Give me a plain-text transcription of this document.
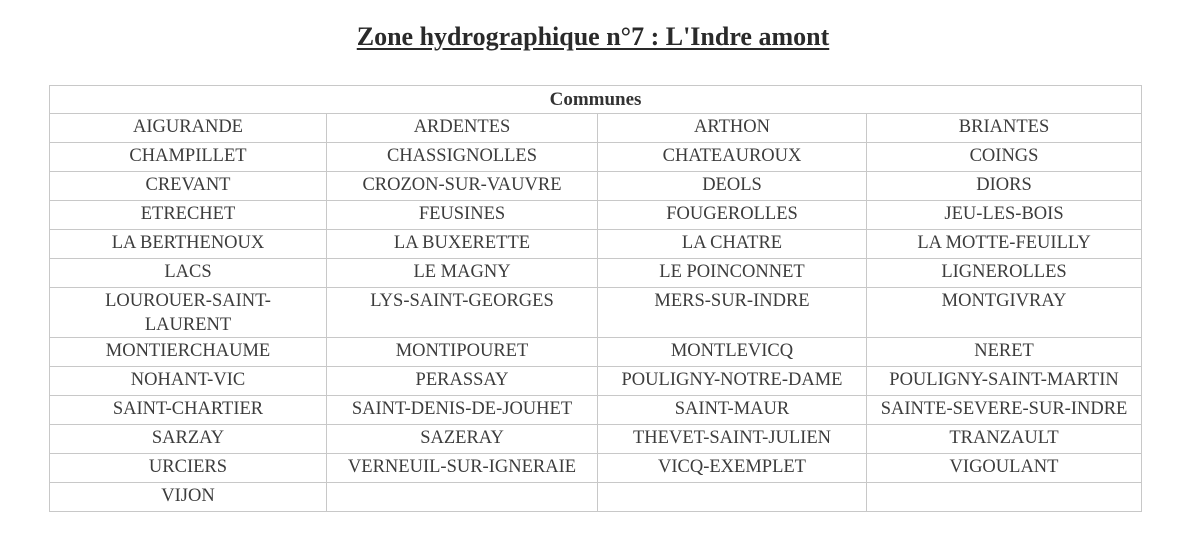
Zone hydrographique n°7 : L'Indre amont
Communes			
AIGURANDE	ARDENTES	ARTHON	BRIANTES
CHAMPILLET	CHASSIGNOLLES	CHATEAUROUX	COINGS
CREVANT	CROZON-SUR-VAUVRE	DEOLS	DIORS
ETRECHET	FEUSINES	FOUGEROLLES	JEU-LES-BOIS
LA BERTHENOUX	LA BUXERETTE	LA CHATRE	LA MOTTE-FEUILLY
LACS	LE MAGNY	LE POINCONNET	LIGNEROLLES
LOUROUER-SAINT-
LAURENT	LYS-SAINT-GEORGES	MERS-SUR-INDRE	MONTGIVRAY
MONTIERCHAUME	MONTIPOURET	MONTLEVICQ	NERET
NOHANT-VIC	PERASSAY	POULIGNY-NOTRE-DAME	POULIGNY-SAINT-MARTIN
SAINT-CHARTIER	SAINT-DENIS-DE-JOUHET	SAINT-MAUR	SAINTE-SEVERE-SUR-INDRE
SARZAY	SAZERAY	THEVET-SAINT-JULIEN	TRANZAULT
URCIERS	VERNEUIL-SUR-IGNERAIE	VICQ-EXEMPLET	VIGOULANT
VIJON			
